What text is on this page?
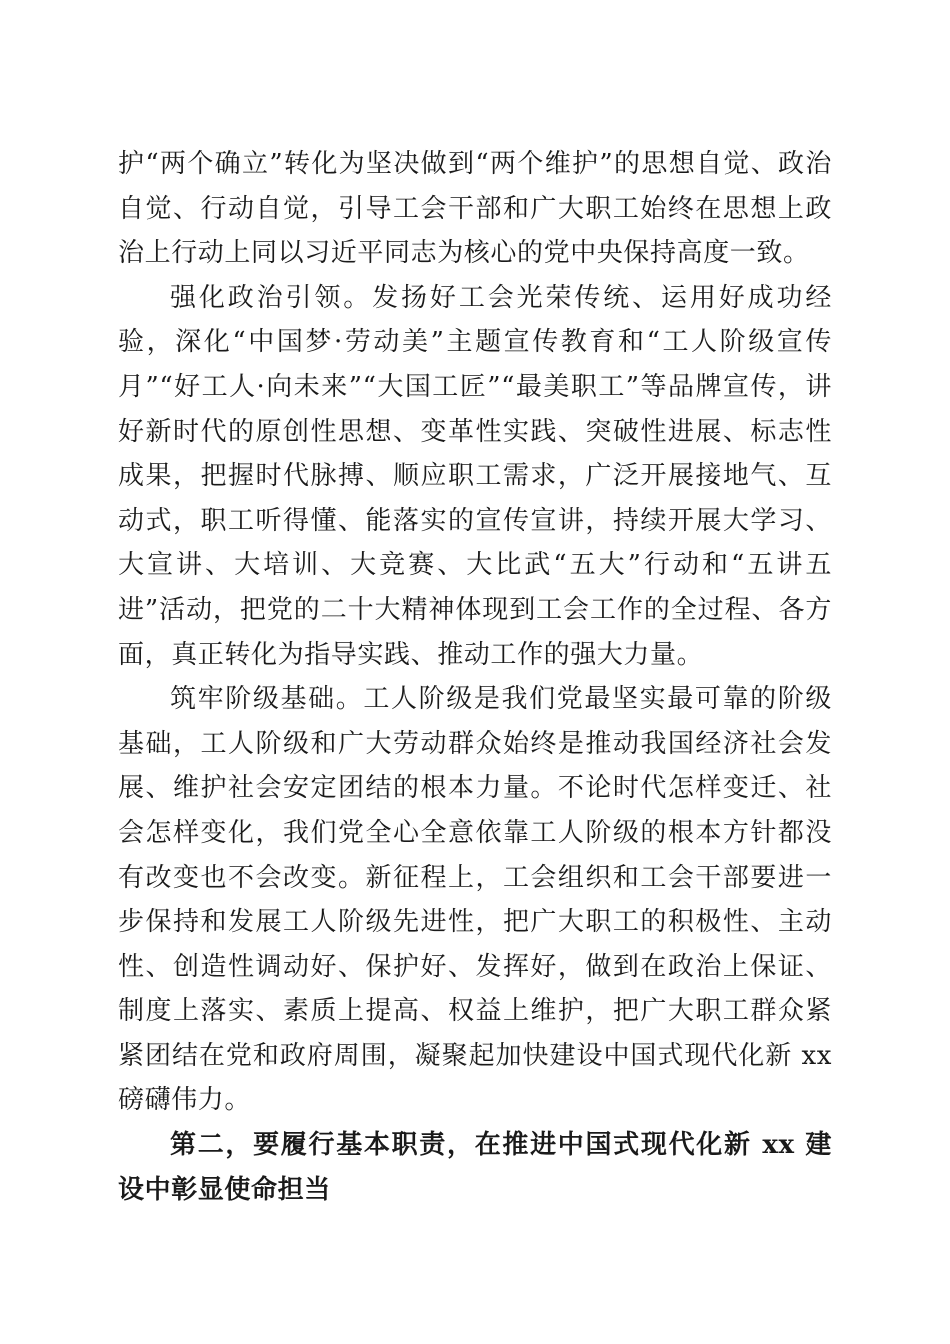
护“两个确立”转化为坚决做到“两个维护”的思想自觉、政治自觉、行动自觉，引导工会干部和广大职工始终在思想上政治上行动上同以习近平同志为核心的党中央保持高度一致。

强化政治引领。发扬好工会光荣传统、运用好成功经验，深化“中国梦·劳动美”主题宣传教育和“工人阶级宣传月”“好工人·向未来”“大国工匠”“最美职工”等品牌宣传，讲好新时代的原创性思想、变革性实践、突破性进展、标志性成果，把握时代脉搏、顺应职工需求，广泛开展接地气、互动式，职工听得懂、能落实的宣传宣讲，持续开展大学习、大宣讲、大培训、大竞赛、大比武“五大”行动和“五讲五进”活动，把党的二十大精神体现到工会工作的全过程、各方面，真正转化为指导实践、推动工作的强大力量。

筑牢阶级基础。工人阶级是我们党最坚实最可靠的阶级基础，工人阶级和广大劳动群众始终是推动我国经济社会发展、维护社会安定团结的根本力量。不论时代怎样变迁、社会怎样变化，我们党全心全意依靠工人阶级的根本方针都没有改变也不会改变。新征程上，工会组织和工会干部要进一步保持和发展工人阶级先进性，把广大职工的积极性、主动性、创造性调动好、保护好、发挥好，做到在政治上保证、制度上落实、素质上提高、权益上维护，把广大职工群众紧紧团结在党和政府周围，凝聚起加快建设中国式现代化新 xx 磅礴伟力。

第二，要履行基本职责，在推进中国式现代化新 xx 建设中彰显使命担当
